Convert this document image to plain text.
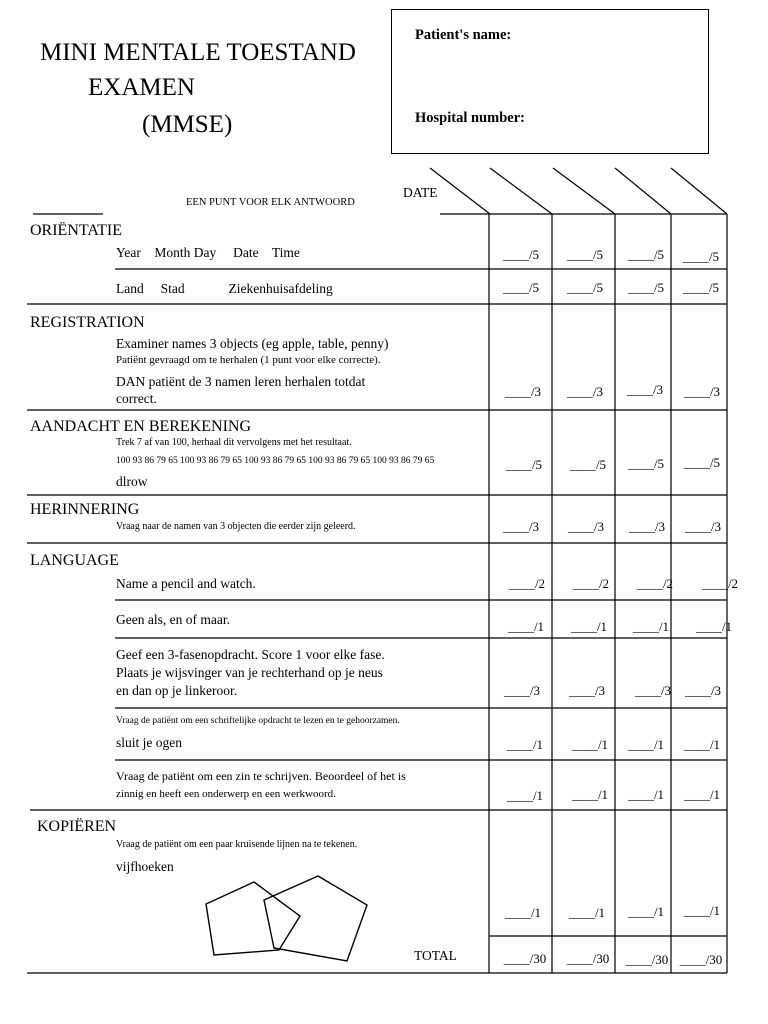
MINI MENTALE TOESTAND
EXAMEN
(MMSE)
Patient's name:
Hospital number:
EEN PUNT VOOR ELK ANTWOORD
DATE
ORIËNTATIE
Year    Month Day     Date    Time
Land     Stad             Ziekenhuisafdeling
REGISTRATION
Examiner names 3 objects (eg apple, table, penny)
Patiënt gevraagd om te herhalen (1 punt voor elke correcte).
DAN patiënt de 3 namen leren herhalen totdat
correct.
AANDACHT EN BEREKENING
Trek 7 af van 100, herhaal dit vervolgens met het resultaat.
100 93 86 79 65 100 93 86 79 65 100 93 86 79 65 100 93 86 79 65 100 93 86 79 65
dlrow
HERINNERING
Vraag naar de namen van 3 objecten die eerder zijn geleerd.
LANGUAGE
Name a pencil and watch.
Geen als, en of maar.
Geef een 3-fasenopdracht. Score 1 voor elke fase.
Plaats je wijsvinger van je rechterhand op je neus
en dan op je linkeroor.
Vraag de patiënt om een schriftelijke opdracht te lezen en te gehoorzamen.
sluit je ogen
Vraag de patiënt om een zin te schrijven. Beoordeel of het is
zinnig en heeft een onderwerp en een werkwoord.
KOPIËREN
Vraag de patiënt om een paar kruisende lijnen na te tekenen.
vijfhoeken
TOTAL
____/5	____/5	____/5	____/5
____/5	____/5	____/5	____/5
____/3	____/3	____/3	____/3
____/5	____/5	____/5	____/5
____/3	____/3	____/3	____/3
____/2	____/2	____/2	____/2
____/1	____/1	____/1	____/1
____/3	____/3	____/3	____/3
____/1	____/1	____/1	____/1
____/1	____/1	____/1	____/1
____/1	____/1	____/1	____/1
____/30	____/30	____/30 ____/30
